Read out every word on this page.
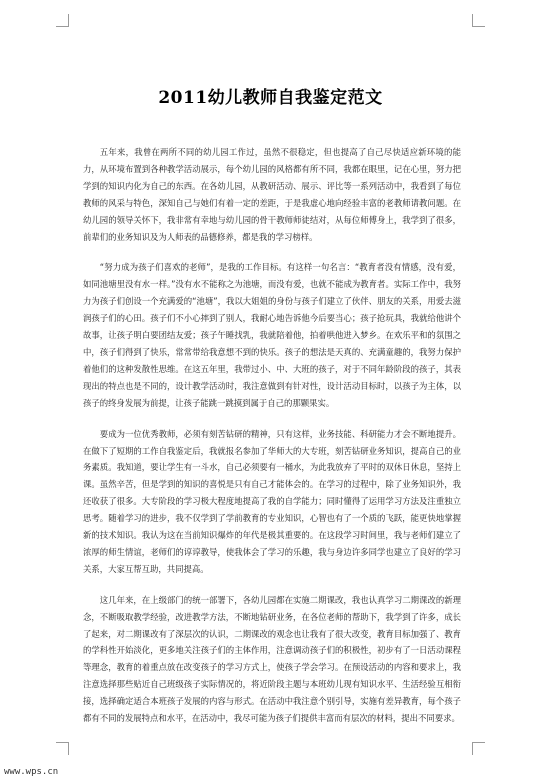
2011幼儿教师自我鉴定范文

五年来，我曾在两所不同的幼儿园工作过，虽然不很稳定，但也提高了自己尽快适应新环境的能力，从环境布置到各种教学活动展示，每个幼儿园的风格都有所不同，我都在眼里，记在心里，努力把学到的知识内化为自己的东西。在各幼儿园，从教研活动、展示、评比等一系列活动中，我看到了每位教师的风采与特色，深知自己与她们有着一定的差距，于是我虚心地向经验丰富的老教师请教问题。在幼儿园的领导关怀下，我非常有幸地与幼儿园的骨干教师师徒结对，从每位师傅身上，我学到了很多，前辈们的业务知识及为人师表的品德修养，都是我的学习榜样。

“努力成为孩子们喜欢的老师”，是我的工作目标。有这样一句名言：“教育者没有情感，没有爱，如同池塘里没有水一样。”没有水不能称之为池塘，而没有爱，也就不能成为教育者。实际工作中，我努力为孩子们创设一个充满爱的“池塘”，我以大姐姐的身份与孩子们建立了伙伴、朋友的关系，用爱去滋润孩子们的心田。孩子们不小心摔到了别人，我耐心地告诉他今后要当心；孩子抢玩具，我就给他讲个故事，让孩子明白要团结友爱；孩子午睡找乳，我就陪着他，拍着哄他进入梦乡。在欢乐平和的氛围之中，孩子们得到了快乐，常常带给我意想不到的快乐。孩子的想法是天真的、充满童趣的，我努力保护着他们的这种发散性思维。在这五年里，我带过小、中、大班的孩子，对于不同年龄阶段的孩子，其表现出的特点也是不同的，设计教学活动时，我注意做到有针对性，设计活动目标时，以孩子为主体，以孩子的终身发展为前提，让孩子能跳一跳摸到属于自己的那颗果实。

要成为一位优秀教师，必须有刻苦钻研的精神，只有这样，业务技能、科研能力才会不断地提升。在做下了短期的工作自我鉴定后，我就报名参加了华师大的大专班，刻苦钻研业务知识，提高自己的业务素质。我知道，要让学生有一斗水，自己必须要有一桶水，为此我放弃了平时的双休日休息，坚持上课。虽然辛苦，但是学到的知识的喜悦是只有自己才能体会的。在学习的过程中，除了业务知识外，我还收获了很多。大专阶段的学习极大程度地提高了我的自学能力；同时懂得了运用学习方法及注重独立思考。随着学习的进步，我不仅学到了学前教育的专业知识，心智也有了一个质的飞跃，能更快地掌握新的技术知识。我认为这在当前知识爆炸的年代是极其重要的。在这段学习时间里，我与老师们建立了浓厚的师生情谊，老师们的谆谆教导，使我体会了学习的乐趣，我与身边许多同学也建立了良好的学习关系，大家互帮互助，共同提高。

这几年来，在上级部门的统一部署下，各幼儿园都在实施二期课改，我也认真学习二期课改的新理念，不断吸取教学经验，改进教学方法，不断地钻研业务，在各位老师的帮助下，我学到了许多，成长了起来，对二期课改有了深层次的认识，二期课改的观念也让我有了很大改变，教育目标加强了、教育的学科性开始淡化，更多地关注孩子们的主体作用，注意调动孩子们的积极性，初步有了一日活动课程等理念，教育的着重点放在改变孩子的学习方式上，使孩子学会学习。在预设活动的内容和要求上，我注意选择那些贴近自己班级孩子实际情况的，将近阶段主题与本班幼儿现有知识水平、生活经验互相衔接，选择确定适合本班孩子发展的内容与形式。在活动中我注意个别引导，实施有差异教育，每个孩子都有不同的发展特点和水平，在活动中，我尽可能为孩子们提供丰富而有层次的材料，提出不同要求。

www.wps.cn
